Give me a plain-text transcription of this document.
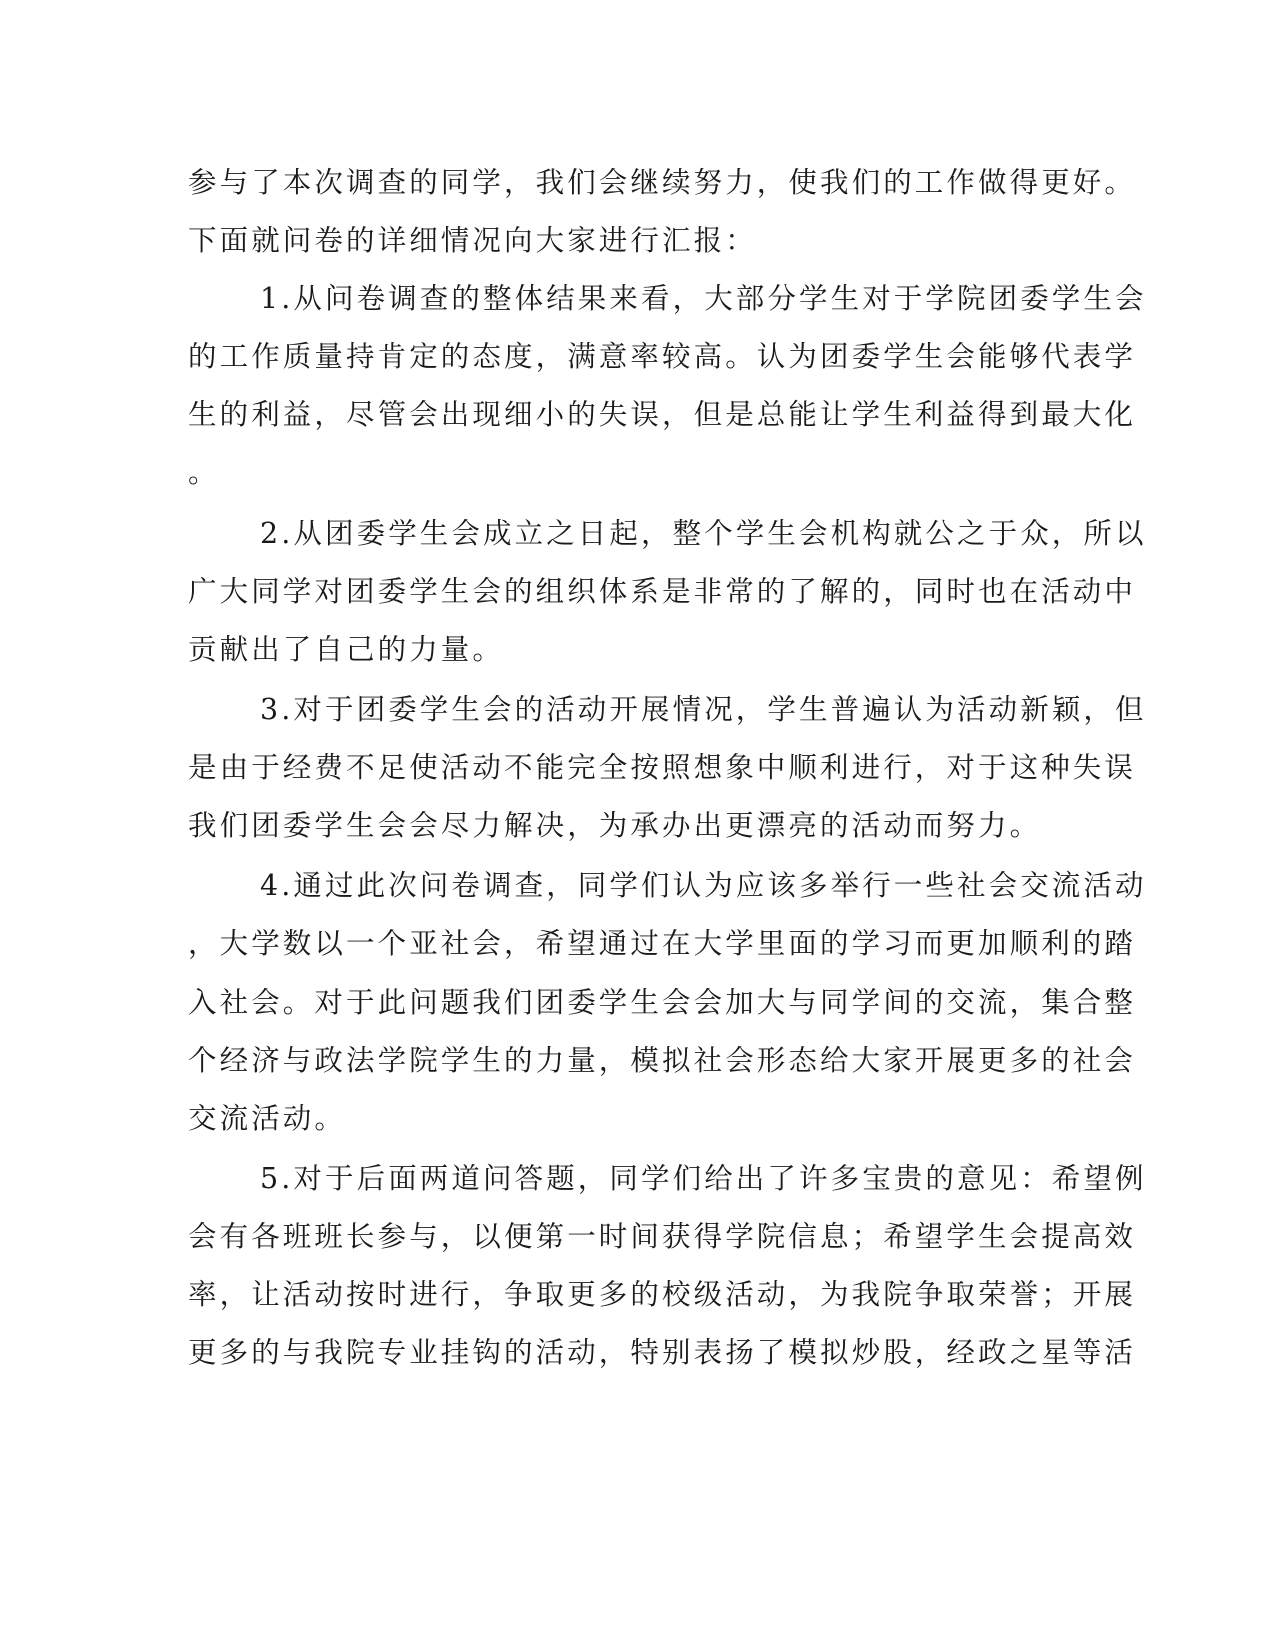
参与了本次调查的同学，我们会继续努力，使我们的工作做得更好。
下面就问卷的详细情况向大家进行汇报：
1.从问卷调查的整体结果来看，大部分学生对于学院团委学生会
的工作质量持肯定的态度，满意率较高。认为团委学生会能够代表学
生的利益，尽管会出现细小的失误，但是总能让学生利益得到最大化
。
2.从团委学生会成立之日起，整个学生会机构就公之于众，所以
广大同学对团委学生会的组织体系是非常的了解的，同时也在活动中
贡献出了自己的力量。
3.对于团委学生会的活动开展情况，学生普遍认为活动新颖，但
是由于经费不足使活动不能完全按照想象中顺利进行，对于这种失误
我们团委学生会会尽力解决，为承办出更漂亮的活动而努力。
4.通过此次问卷调查，同学们认为应该多举行一些社会交流活动
，大学数以一个亚社会，希望通过在大学里面的学习而更加顺利的踏
入社会。对于此问题我们团委学生会会加大与同学间的交流，集合整
个经济与政法学院学生的力量，模拟社会形态给大家开展更多的社会
交流活动。
5.对于后面两道问答题，同学们给出了许多宝贵的意见：希望例
会有各班班长参与，以便第一时间获得学院信息；希望学生会提高效
率，让活动按时进行，争取更多的校级活动，为我院争取荣誉；开展
更多的与我院专业挂钩的活动，特别表扬了模拟炒股，经政之星等活
